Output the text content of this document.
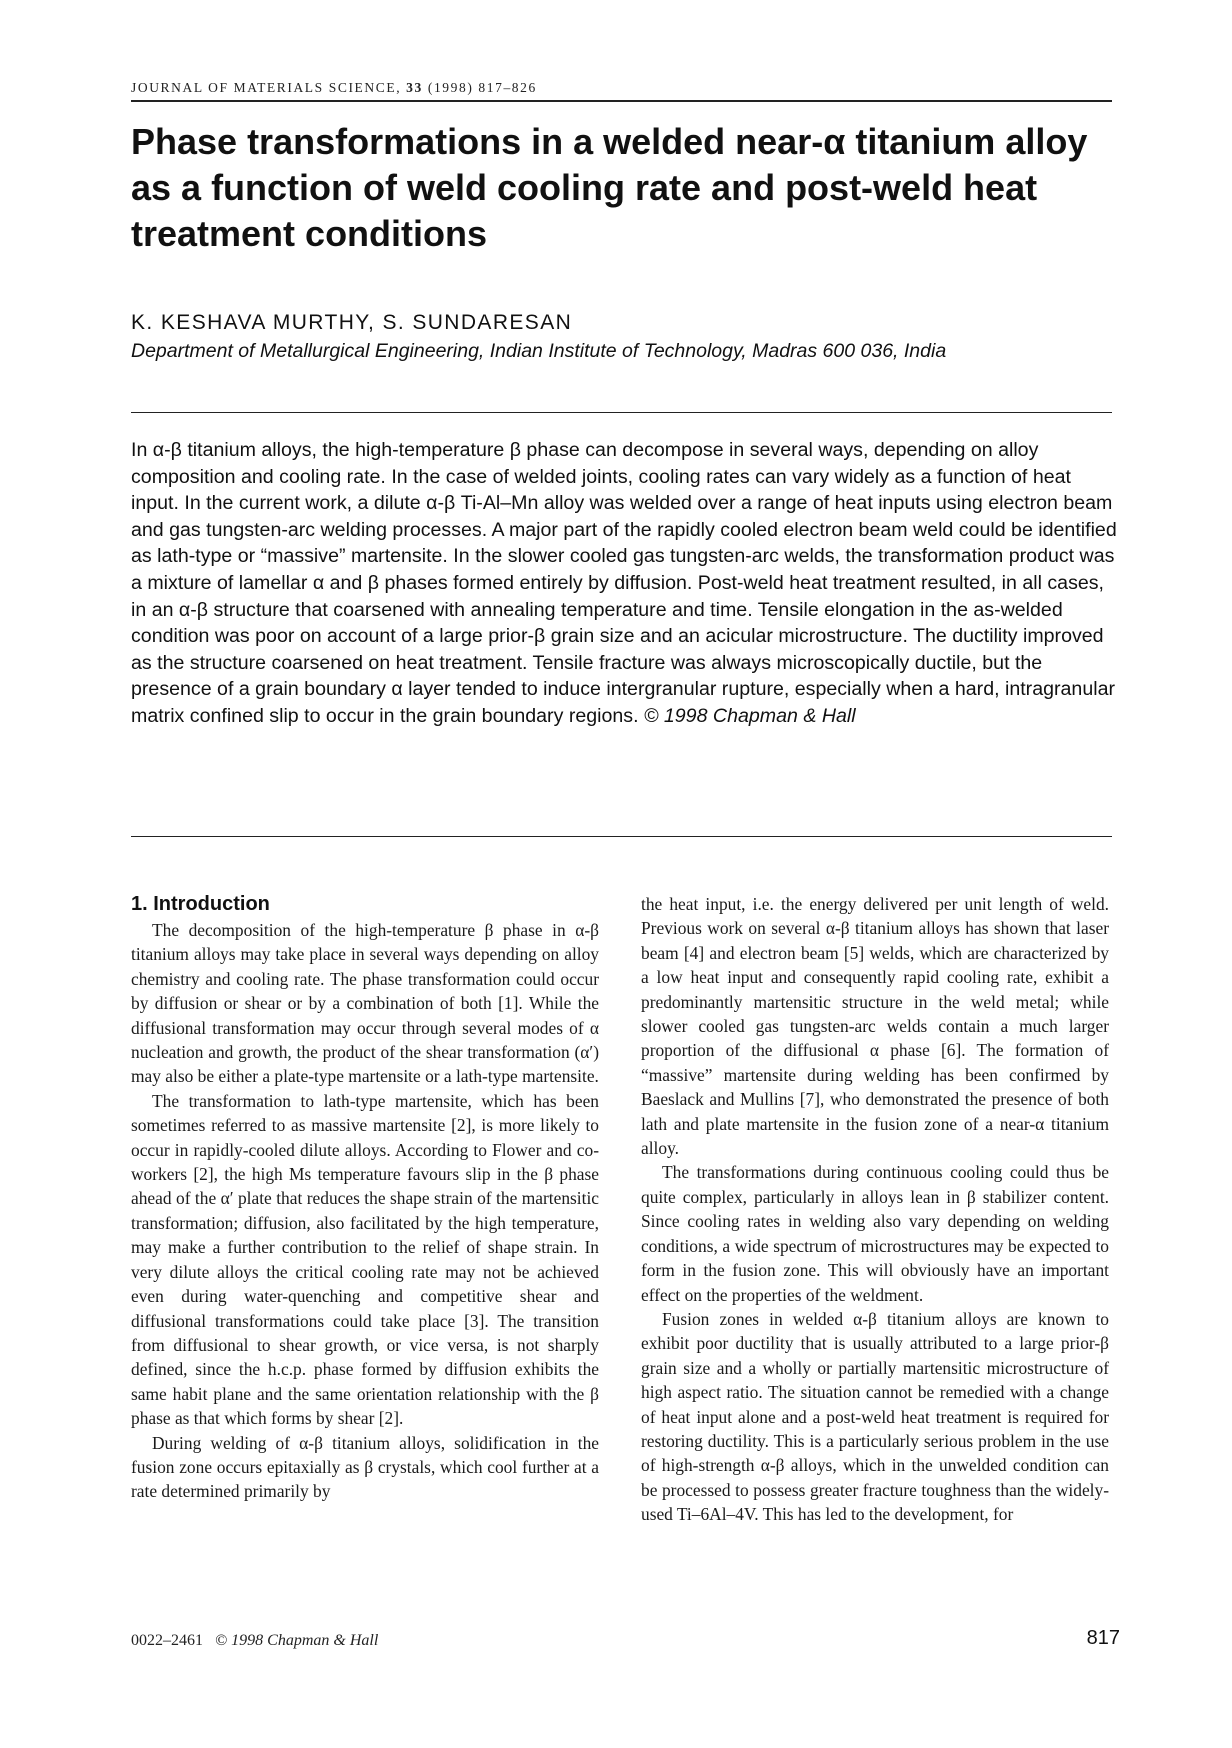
JOURNAL OF MATERIALS SCIENCE, 33 (1998) 817–826
Phase transformations in a welded near-α titanium alloy as a function of weld cooling rate and post-weld heat treatment conditions
K. KESHAVA MURTHY, S. SUNDARESAN
Department of Metallurgical Engineering, Indian Institute of Technology, Madras 600 036, India

In α-β titanium alloys, the high-temperature β phase can decompose in several ways, depending on alloy composition and cooling rate. In the case of welded joints, cooling rates can vary widely as a function of heat input. In the current work, a dilute α-β Ti-Al–Mn alloy was welded over a range of heat inputs using electron beam and gas tungsten-arc welding processes. A major part of the rapidly cooled electron beam weld could be identified as lath-type or “massive” martensite. In the slower cooled gas tungsten-arc welds, the transformation product was a mixture of lamellar α and β phases formed entirely by diffusion. Post-weld heat treatment resulted, in all cases, in an α-β structure that coarsened with annealing temperature and time. Tensile elongation in the as-welded condition was poor on account of a large prior-β grain size and an acicular microstructure. The ductility improved as the structure coarsened on heat treatment. Tensile fracture was always microscopically ductile, but the presence of a grain boundary α layer tended to induce intergranular rupture, especially when a hard, intragranular matrix confined slip to occur in the grain boundary regions. © 1998 Chapman & Hall

1. Introduction

The decomposition of the high-temperature β phase in α-β titanium alloys may take place in several ways depending on alloy chemistry and cooling rate. The phase transformation could occur by diffusion or shear or by a combination of both [1]. While the diffusional transformation may occur through several modes of α nucleation and growth, the product of the shear transformation (α′) may also be either a plate-type martensite or a lath-type martensite.

The transformation to lath-type martensite, which has been sometimes referred to as massive martensite [2], is more likely to occur in rapidly-cooled dilute alloys. According to Flower and co-workers [2], the high Ms temperature favours slip in the β phase ahead of the α′ plate that reduces the shape strain of the martensitic transformation; diffusion, also facilitated by the high temperature, may make a further contribution to the relief of shape strain. In very dilute alloys the critical cooling rate may not be achieved even during water-quenching and competitive shear and diffusional transformations could take place [3]. The transition from diffusional to shear growth, or vice versa, is not sharply defined, since the h.c.p. phase formed by diffusion exhibits the same habit plane and the same orientation relationship with the β phase as that which forms by shear [2].

During welding of α-β titanium alloys, solidification in the fusion zone occurs epitaxially as β crystals, which cool further at a rate determined primarily by

the heat input, i.e. the energy delivered per unit length of weld. Previous work on several α-β titanium alloys has shown that laser beam [4] and electron beam [5] welds, which are characterized by a low heat input and consequently rapid cooling rate, exhibit a predominantly martensitic structure in the weld metal; while slower cooled gas tungsten-arc welds contain a much larger proportion of the diffusional α phase [6]. The formation of “massive” martensite during welding has been confirmed by Baeslack and Mullins [7], who demonstrated the presence of both lath and plate martensite in the fusion zone of a near-α titanium alloy.

The transformations during continuous cooling could thus be quite complex, particularly in alloys lean in β stabilizer content. Since cooling rates in welding also vary depending on welding conditions, a wide spectrum of microstructures may be expected to form in the fusion zone. This will obviously have an important effect on the properties of the weldment.

Fusion zones in welded α-β titanium alloys are known to exhibit poor ductility that is usually attributed to a large prior-β grain size and a wholly or partially martensitic microstructure of high aspect ratio. The situation cannot be remedied with a change of heat input alone and a post-weld heat treatment is required for restoring ductility. This is a particularly serious problem in the use of high-strength α-β alloys, which in the unwelded condition can be processed to possess greater fracture toughness than the widely-used Ti–6Al–4V. This has led to the development, for

0022–2461 © 1998 Chapman & Hall	817
